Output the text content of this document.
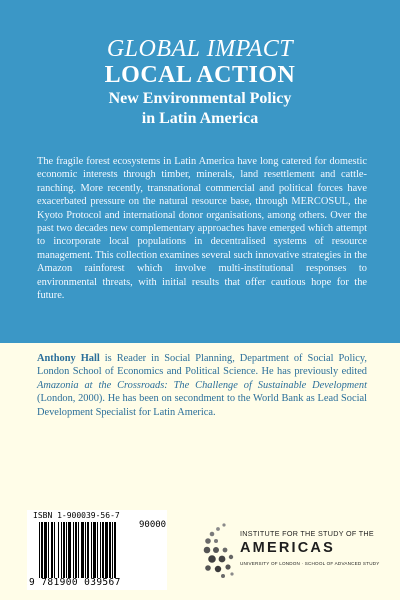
GLOBAL IMPACT
LOCAL ACTION
New Environmental Policy
in Latin America

The fragile forest ecosystems in Latin America have long catered for domestic economic interests through timber, minerals, land resettlement and cattle-ranching. More recently, transnational commercial and political forces have exacerbated pressure on the natural resource base, through MERCOSUL, the Kyoto Protocol and international donor organisations, among others. Over the past two decades new complementary approaches have emerged which attempt to incorporate local populations in decentralised systems of resource management. This collection examines several such innovative strategies in the Amazon rainforest which involve multi-institutional responses to environmental threats, with initial results that offer cautious hope for the future.

Anthony Hall is Reader in Social Planning, Department of Social Policy, London School of Economics and Political Science. He has previously edited Amazonia at the Crossroads: The Challenge of Sustainable Development (London, 2000). He has been on secondment to the World Bank as Lead Social Development Specialist for Latin America.

ISBN 1-900039-56-7
90000
9 781900 039567
INSTITUTE FOR THE STUDY OF THE
AMERICAS
UNIVERSITY OF LONDON · SCHOOL OF ADVANCED STUDY
